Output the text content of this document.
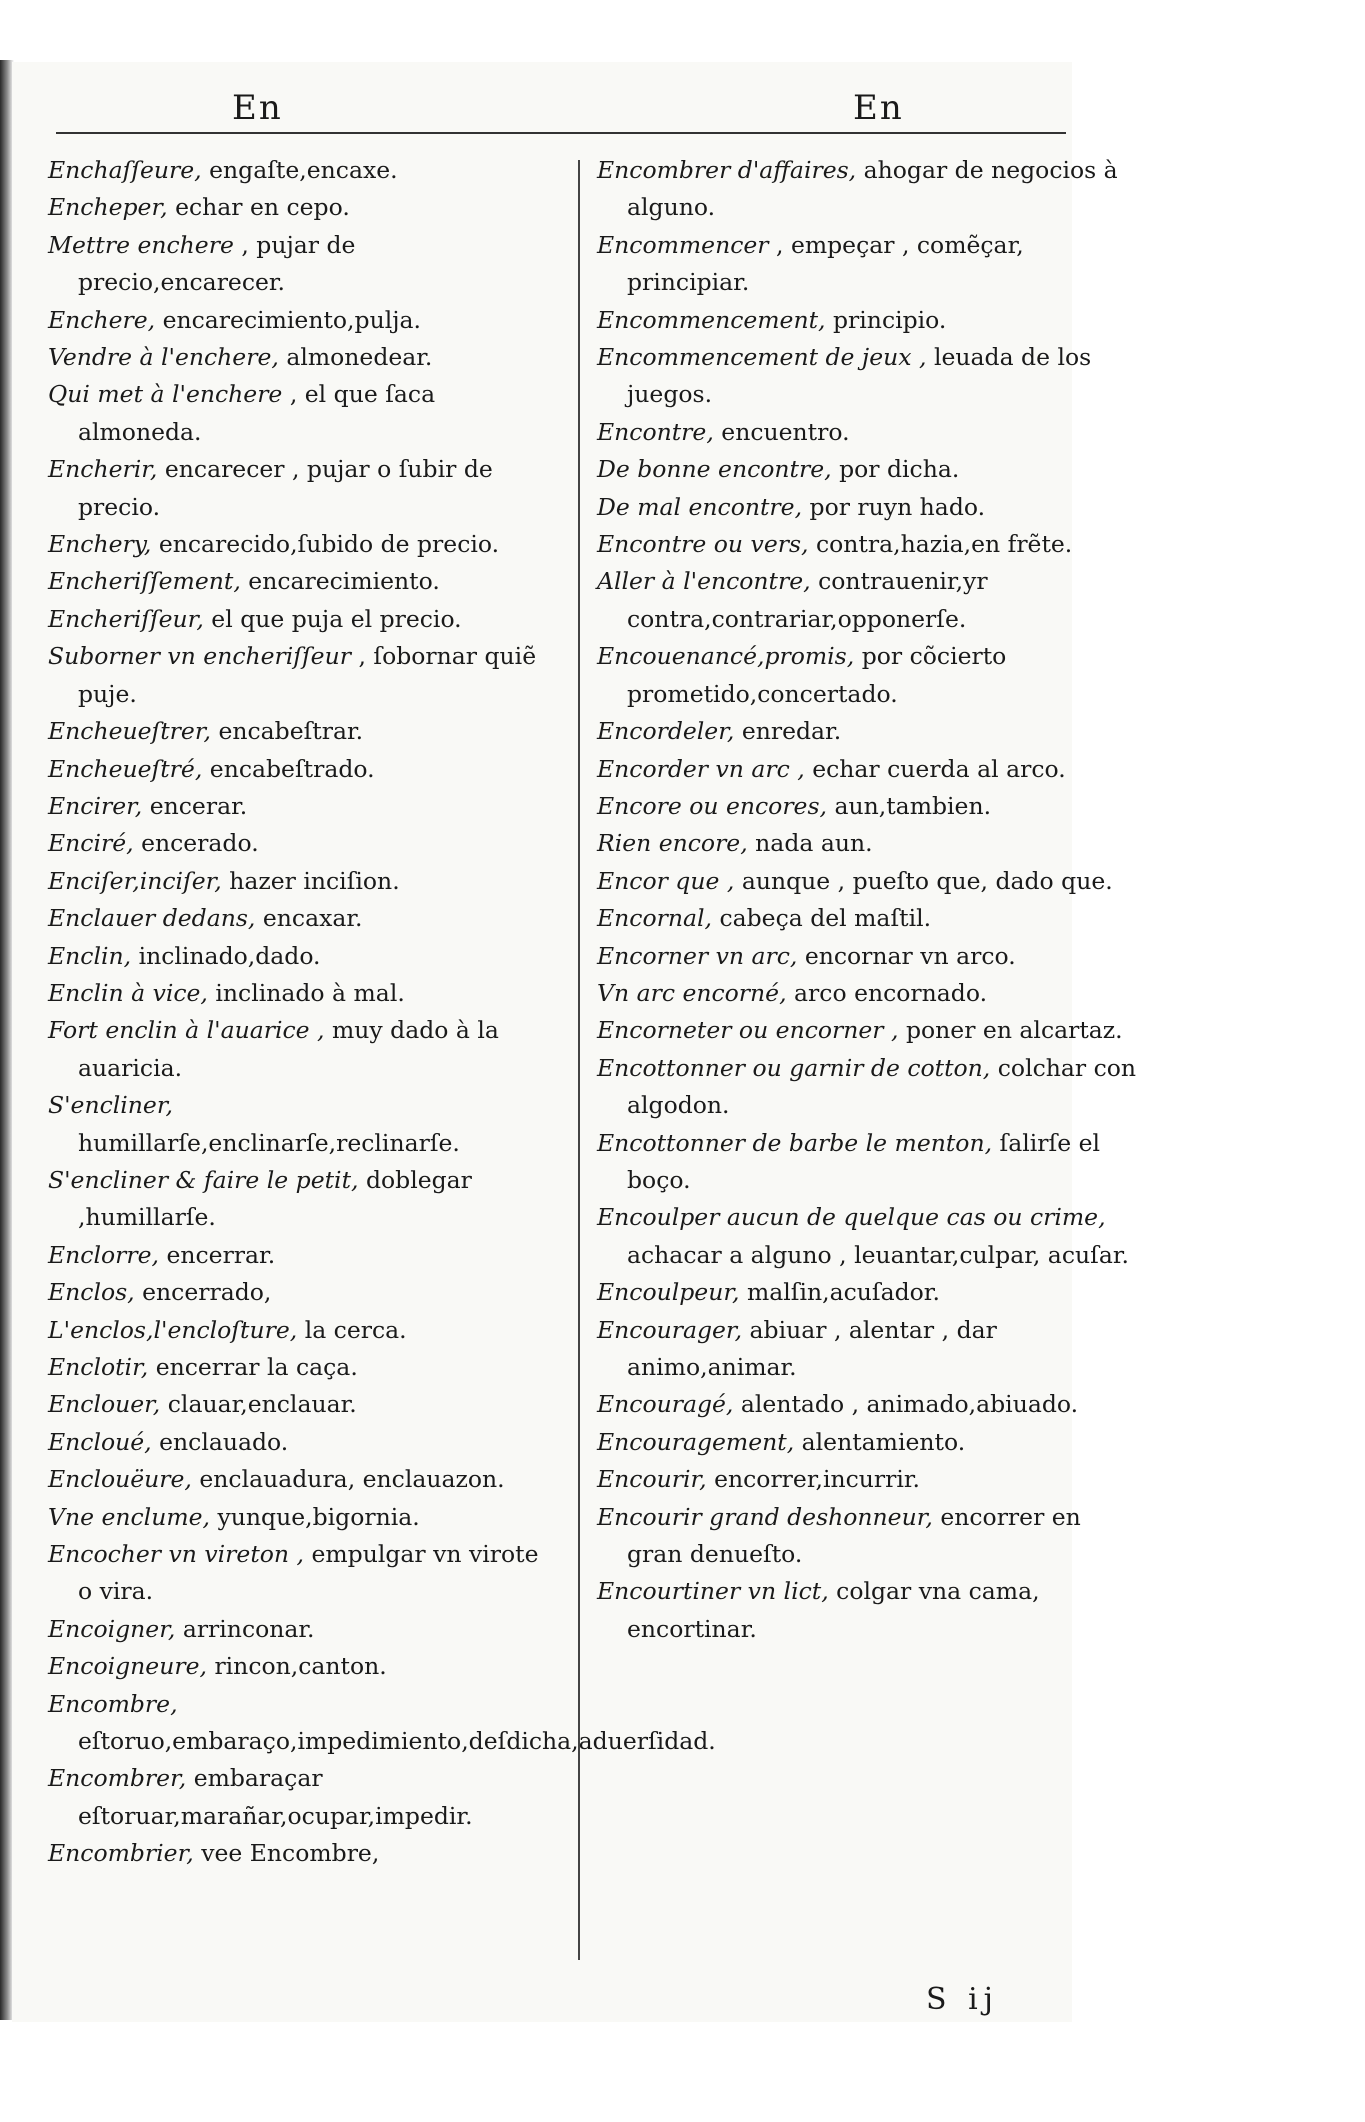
En	En
Enchaſſeure, engaſte,encaxe.
Encheper, echar en cepo.
Mettre enchere , pujar de precio,encarecer.
Enchere, encarecimiento,pulja.
Vendre à l'enchere, almonedear.
Qui met à l'enchere , el que ſaca almoneda.
Encherir, encarecer , pujar o ſubir de precio.
Enchery, encarecido,ſubido de precio.
Encheriſſement, encarecimiento.
Encheriſſeur, el que puja el precio.
Suborner vn encheriſſeur , ſobornar quiẽ puje.
Encheueſtrer, encabeſtrar.
Encheueſtré, encabeſtrado.
Encirer, encerar.
Enciré, encerado.
Enciſer,inciſer, hazer inciſion.
Enclauer dedans, encaxar.
Enclin, inclinado,dado.
Enclin à vice, inclinado à mal.
Fort enclin à l'auarice , muy dado à la auaricia.
S'encliner, humillarſe,enclinarſe,reclinarſe.
S'encliner & faire le petit, doblegar ,humillarſe.
Enclorre, encerrar.
Enclos, encerrado,
L'enclos,l'encloſture, la cerca.
Enclotir, encerrar la caça.
Enclouer, clauar,enclauar.
Encloué, enclauado.
Enclouëure, enclauadura, enclauazon.
Vne enclume, yunque,bigornia.
Encocher vn vireton , empulgar vn virote o vira.
Encoigner, arrinconar.
Encoigneure, rincon,canton.
Encombre, eſtoruo,embaraço,impedimiento,deſdicha,aduerſidad.
Encombrer, embaraçar eſtoruar,marañar,ocupar,impedir.
Encombrier, vee Encombre,
Encombrer d'affaires, ahogar de negocios à alguno.
Encommencer , empeçar , comẽçar, principiar.
Encommencement, principio.
Encommencement de jeux , leuada de los juegos.
Encontre, encuentro.
De bonne encontre, por dicha.
De mal encontre, por ruyn hado.
Encontre ou vers, contra,hazia,en frẽte.
Aller à l'encontre, contrauenir,yr contra,contrariar,opponerſe.
Encouenancé,promis, por cõcierto prometido,concertado.
Encordeler, enredar.
Encorder vn arc , echar cuerda al arco.
Encore ou encores, aun,tambien.
Rien encore, nada aun.
Encor que , aunque , pueſto que, dado que.
Encornal, cabeça del maſtil.
Encorner vn arc, encornar vn arco.
Vn arc encorné, arco encornado.
Encorneter ou encorner , poner en alcartaz.
Encottonner ou garnir de cotton, colchar con algodon.
Encottonner de barbe le menton, ſalirſe el boço.
Encoulper aucun de quelque cas ou crime, achacar a alguno , leuantar,culpar, acuſar.
Encoulpeur, malſin,acuſador.
Encourager, abiuar , alentar , dar animo,animar.
Encouragé, alentado , animado,abiuado.
Encouragement, alentamiento.
Encourir, encorrer,incurrir.
Encourir grand deshonneur, encorrer en gran denueſto.
Encourtiner vn lict, colgar vna cama, encortinar.
S ij
